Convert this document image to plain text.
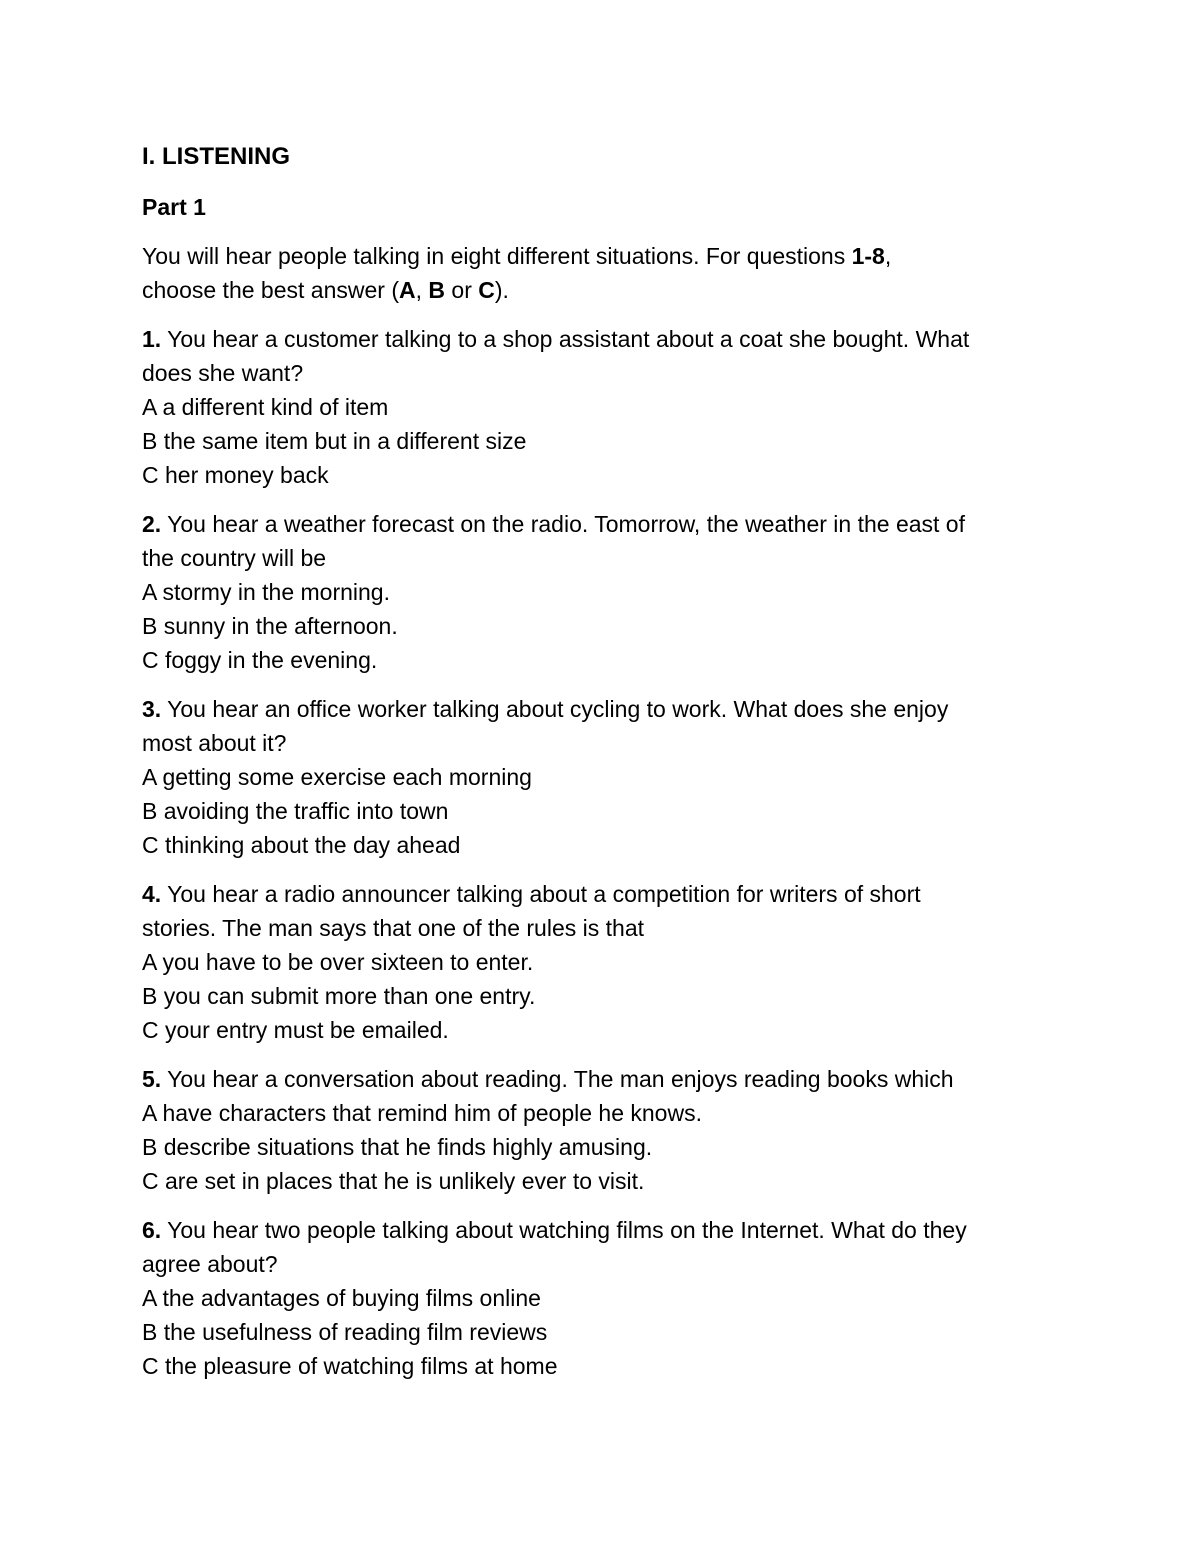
I. LISTENING
Part 1
You will hear people talking in eight different situations. For questions 1-8,
choose the best answer (A, B or C).
1. You hear a customer talking to a shop assistant about a coat she bought. What
does she want?
A a different kind of item
B the same item but in a different size
C her money back
2. You hear a weather forecast on the radio. Tomorrow, the weather in the east of
the country will be
A stormy in the morning.
B sunny in the afternoon.
C foggy in the evening.
3. You hear an office worker talking about cycling to work. What does she enjoy
most about it?
A getting some exercise each morning
B avoiding the traffic into town
C thinking about the day ahead
4. You hear a radio announcer talking about a competition for writers of short
stories. The man says that one of the rules is that
A you have to be over sixteen to enter.
B you can submit more than one entry.
C your entry must be emailed.
5. You hear a conversation about reading. The man enjoys reading books which
A have characters that remind him of people he knows.
B describe situations that he finds highly amusing.
C are set in places that he is unlikely ever to visit.
6. You hear two people talking about watching films on the Internet. What do they
agree about?
A the advantages of buying films online
B the usefulness of reading film reviews
C the pleasure of watching films at home
